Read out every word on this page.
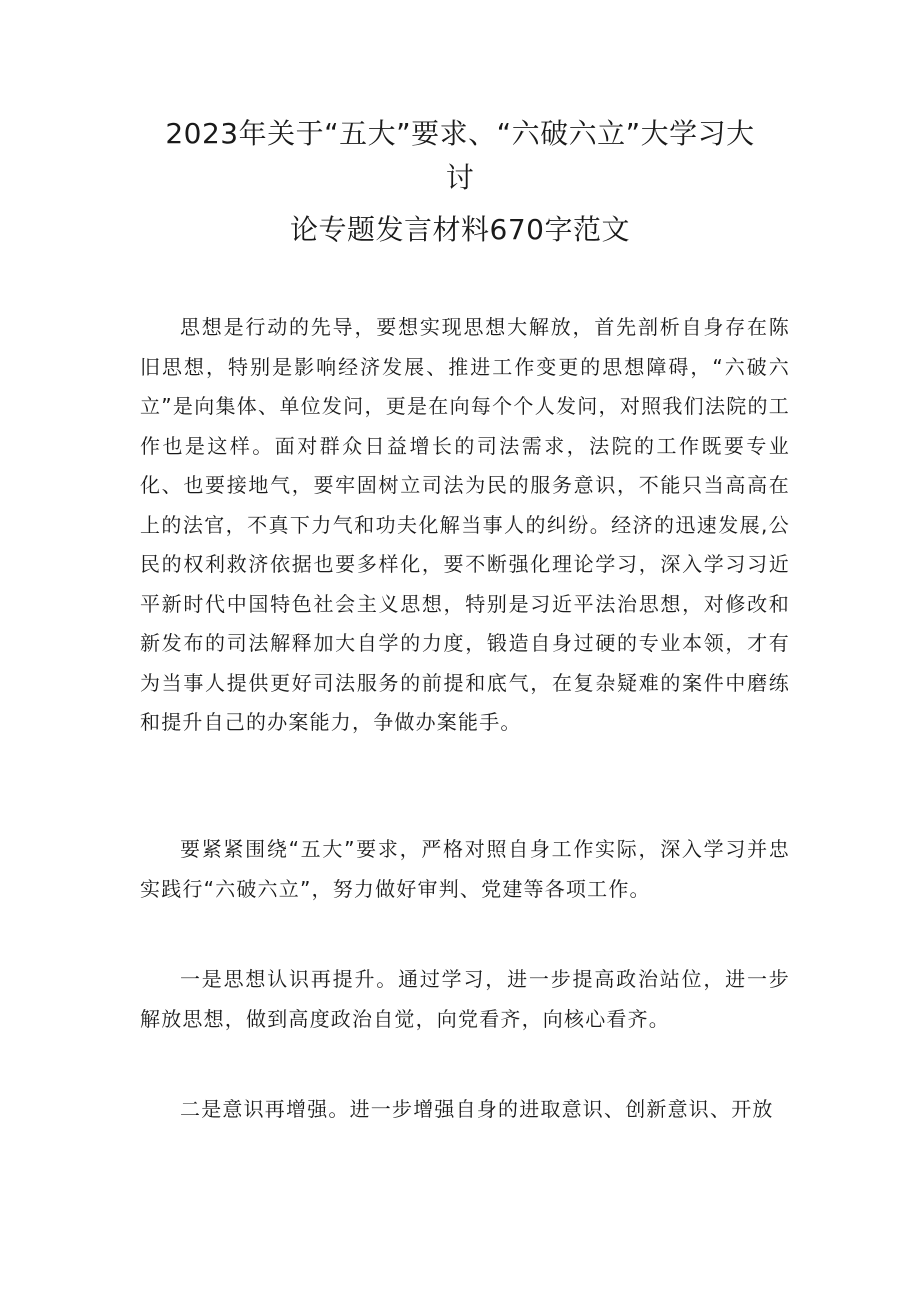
2023年关于“五大”要求、“六破六立”大学习大
讨
论专题发言材料670字范文

思想是行动的先导，要想实现思想大解放，首先剖析自身存在陈旧思想，特别是影响经济发展、推进工作变更的思想障碍，“六破六立”是向集体、单位发问，更是在向每个个人发问，对照我们法院的工作也是这样。面对群众日益增长的司法需求，法院的工作既要专业化、也要接地气，要牢固树立司法为民的服务意识，不能只当高高在上的法官，不真下力气和功夫化解当事人的纠纷。经济的迅速发展,公民的权利救济依据也要多样化，要不断强化理论学习，深入学习习近平新时代中国特色社会主义思想，特别是习近平法治思想，对修改和新发布的司法解释加大自学的力度，锻造自身过硬的专业本领，才有为当事人提供更好司法服务的前提和底气，在复杂疑难的案件中磨练和提升自己的办案能力，争做办案能手。

要紧紧围绕“五大”要求，严格对照自身工作实际，深入学习并忠实践行“六破六立”，努力做好审判、党建等各项工作。

一是思想认识再提升。通过学习，进一步提高政治站位，进一步解放思想，做到高度政治自觉，向党看齐，向核心看齐。

二是意识再增强。进一步增强自身的进取意识、创新意识、开放
